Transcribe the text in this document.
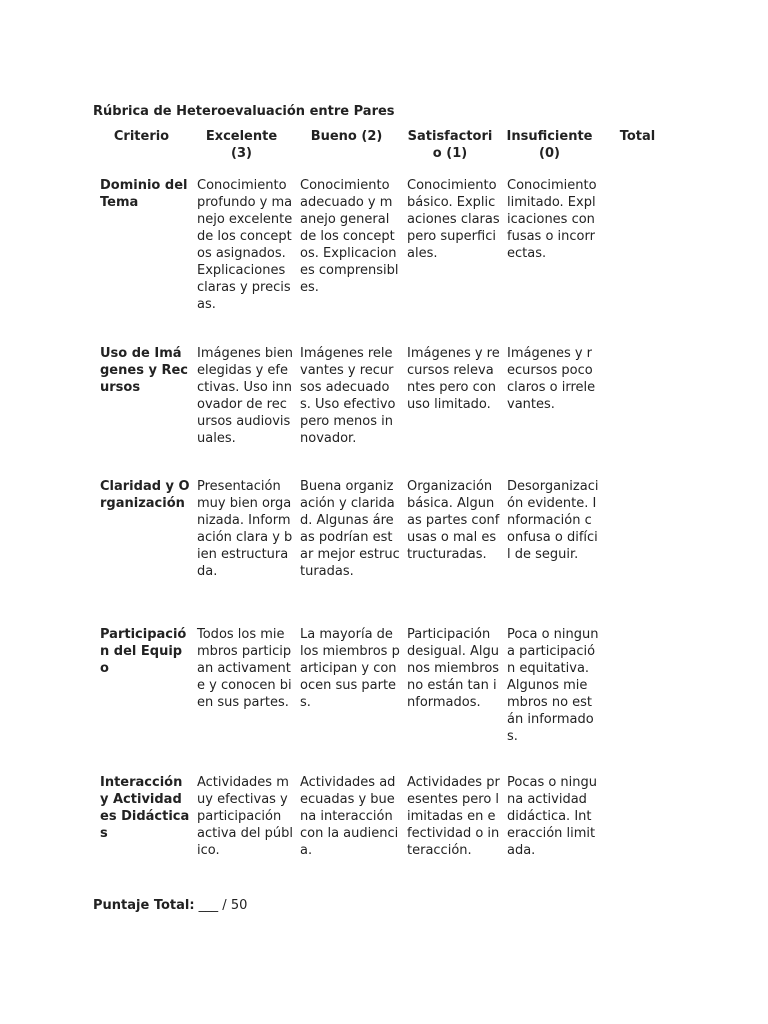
Rúbrica de Heteroevaluación entre Pares
Criterio	Excelente (3)	Bueno (2)	Satisfactorio (1)	Insuficiente (0)	Total
Dominio del Tema	Conocimiento profundo y manejo excelente de los conceptos asignados. Explicaciones claras y precisas.	Conocimiento adecuado y manejo general de los conceptos. Explicaciones comprensibles.	Conocimiento básico. Explicaciones claras pero superficiales.	Conocimiento limitado. Explicaciones confusas o incorrectas.	
Uso de Imágenes y Recursos	Imágenes bien elegidas y efectivas. Uso innovador de recursos audiovisuales.	Imágenes relevantes y recursos adecuados. Uso efectivo pero menos innovador.	Imágenes y recursos relevantes pero con uso limitado.	Imágenes y recursos poco claros o irrelevantes.	
Claridad y Organización	Presentación muy bien organizada. Información clara y bien estructurada.	Buena organización y claridad. Algunas áreas podrían estar mejor estructuradas.	Organización básica. Algunas partes confusas o mal estructuradas.	Desorganización evidente. Información confusa o difícil de seguir.	
Participación del Equipo	Todos los miembros participan activamente y conocen bien sus partes.	La mayoría de los miembros participan y conocen sus partes.	Participación desigual. Algunos miembros no están tan informados.	Poca o ninguna participación equitativa. Algunos miembros no están informados.	
Interacción y Actividades Didácticas	Actividades muy efectivas y participación activa del público.	Actividades adecuadas y buena interacción con la audiencia.	Actividades presentes pero limitadas en efectividad o interacción.	Pocas o ninguna actividad didáctica. Interacción limitada.	
Puntaje Total: ___ / 50
